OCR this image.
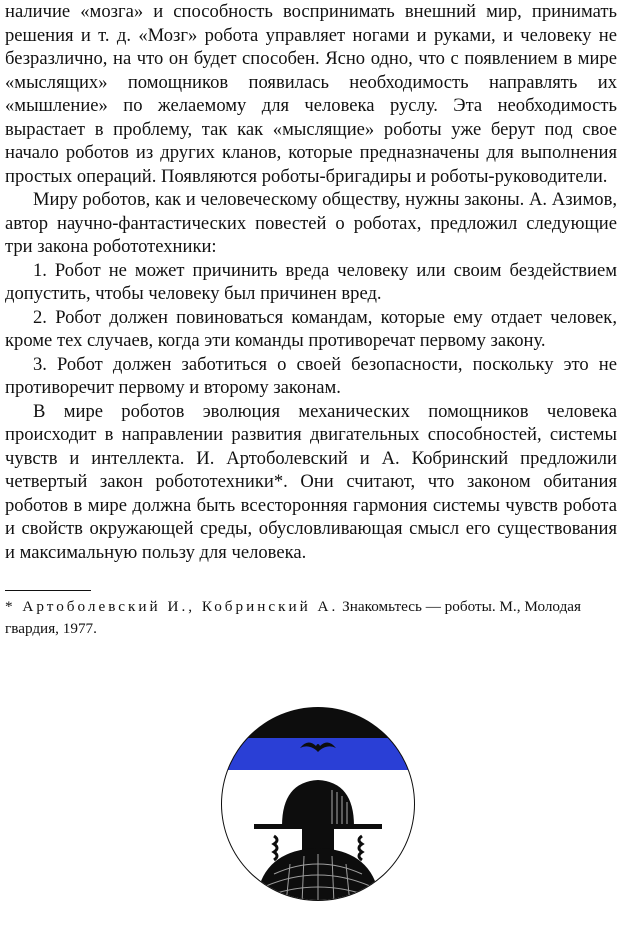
наличие «мозга» и способность воспринимать внешний мир, принимать решения и т. д. «Мозг» робота управляет ногами и руками, и человеку не безразлично, на что он будет способен. Ясно одно, что с появлением в мире «мыслящих» помощников появилась необходимость направлять их «мышление» по желаемому для человека руслу. Эта необходимость вырастает в проблему, так как «мыслящие» роботы уже берут под свое начало роботов из других кланов, которые предназначены для выполнения простых операций. Появляются роботы-бригадиры и роботы-руководители.

Миру роботов, как и человеческому обществу, нужны законы. А. Азимов, автор научно-фантастических повестей о роботах, предложил следующие три закона робототехники:

1. Робот не может причинить вреда человеку или своим бездействием допустить, чтобы человеку был причинен вред.

2. Робот должен повиноваться командам, которые ему отдает человек, кроме тех случаев, когда эти команды противоречат первому закону.

3. Робот должен заботиться о своей безопасности, поскольку это не противоречит первому и второму законам.

В мире роботов эволюция механических помощников человека происходит в направлении развития двигательных способностей, системы чувств и интеллекта. И. Артоболевский и А. Кобринский предложили четвертый закон робототехники*. Они считают, что законом обитания роботов в мире должна быть всесторонняя гармония системы чувств робота и свойств окружающей среды, обусловливающая смысл его существования и максимальную пользу для человека.

* Артоболевский И., Кобринский А. Знакомьтесь — роботы. М., Молодая гвардия, 1977.
